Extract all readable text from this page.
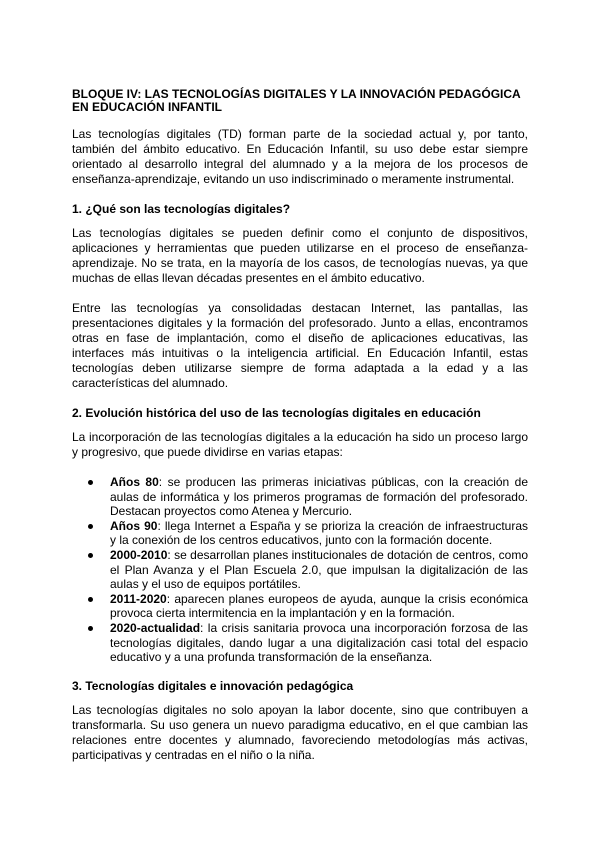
BLOQUE IV: LAS TECNOLOGÍAS DIGITALES Y LA INNOVACIÓN PEDAGÓGICA EN EDUCACIÓN INFANTIL

Las tecnologías digitales (TD) forman parte de la sociedad actual y, por tanto, también del ámbito educativo. En Educación Infantil, su uso debe estar siempre orientado al desarrollo integral del alumnado y a la mejora de los procesos de enseñanza-aprendizaje, evitando un uso indiscriminado o meramente instrumental.

1. ¿Qué son las tecnologías digitales?

Las tecnologías digitales se pueden definir como el conjunto de dispositivos, aplicaciones y herramientas que pueden utilizarse en el proceso de enseñanza-aprendizaje. No se trata, en la mayoría de los casos, de tecnologías nuevas, ya que muchas de ellas llevan décadas presentes en el ámbito educativo.

Entre las tecnologías ya consolidadas destacan Internet, las pantallas, las presentaciones digitales y la formación del profesorado. Junto a ellas, encontramos otras en fase de implantación, como el diseño de aplicaciones educativas, las interfaces más intuitivas o la inteligencia artificial. En Educación Infantil, estas tecnologías deben utilizarse siempre de forma adaptada a la edad y a las características del alumnado.

2. Evolución histórica del uso de las tecnologías digitales en educación

La incorporación de las tecnologías digitales a la educación ha sido un proceso largo y progresivo, que puede dividirse en varias etapas:

Años 80: se producen las primeras iniciativas públicas, con la creación de aulas de informática y los primeros programas de formación del profesorado. Destacan proyectos como Atenea y Mercurio.
Años 90: llega Internet a España y se prioriza la creación de infraestructuras y la conexión de los centros educativos, junto con la formación docente.
2000-2010: se desarrollan planes institucionales de dotación de centros, como el Plan Avanza y el Plan Escuela 2.0, que impulsan la digitalización de las aulas y el uso de equipos portátiles.
2011-2020: aparecen planes europeos de ayuda, aunque la crisis económica provoca cierta intermitencia en la implantación y en la formación.
2020-actualidad: la crisis sanitaria provoca una incorporación forzosa de las tecnologías digitales, dando lugar a una digitalización casi total del espacio educativo y a una profunda transformación de la enseñanza.
3. Tecnologías digitales e innovación pedagógica

Las tecnologías digitales no solo apoyan la labor docente, sino que contribuyen a transformarla. Su uso genera un nuevo paradigma educativo, en el que cambian las relaciones entre docentes y alumnado, favoreciendo metodologías más activas, participativas y centradas en el niño o la niña.
